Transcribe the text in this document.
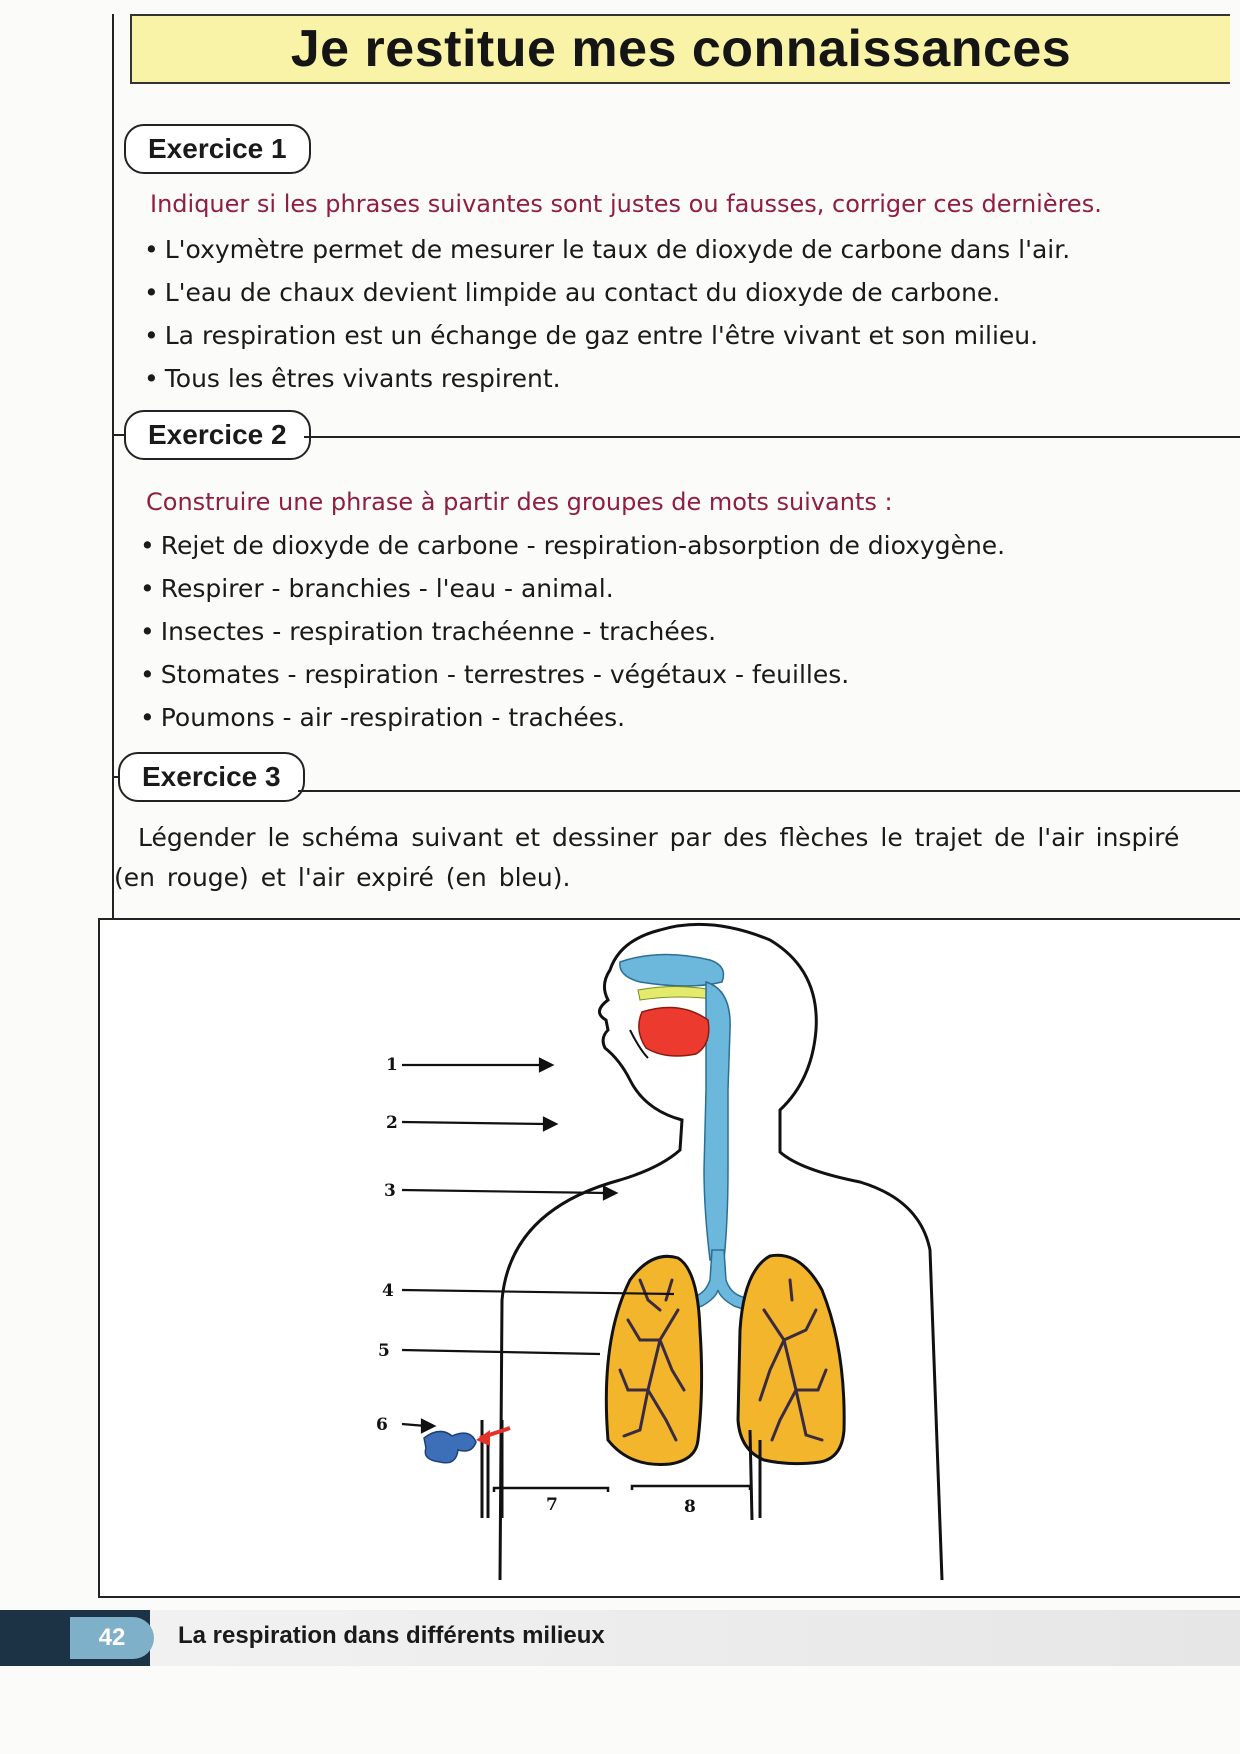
Je restitue mes connaissances
Exercice 1
Indiquer si les phrases suivantes sont justes ou fausses, corriger ces dernières.
• L'oxymètre permet de mesurer le taux de dioxyde de carbone dans l'air.
• L'eau de chaux devient limpide au contact du dioxyde de carbone.
• La respiration est un échange de gaz entre l'être vivant et son milieu.
• Tous les êtres vivants respirent.
Exercice 2
Construire une phrase à partir des groupes de mots suivants :
• Rejet de dioxyde de carbone - respiration-absorption de dioxygène.
• Respirer - branchies - l'eau - animal.
• Insectes - respiration trachéenne - trachées.
• Stomates - respiration - terrestres - végétaux - feuilles.
• Poumons - air -respiration - trachées.
Exercice 3
Légender le schéma suivant et dessiner par des flèches le trajet de l'air inspiré (en rouge) et l'air expiré (en bleu).
1
2
3
4
5
6
7	8
42	La respiration dans différents milieux
